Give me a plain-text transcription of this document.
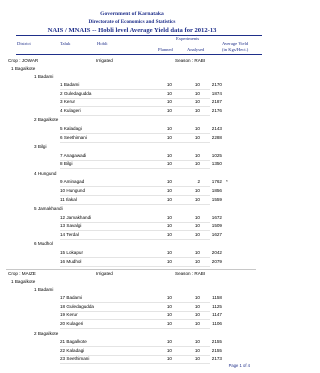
Government of Karnataka
Directorate of Economics and Statistics
NAIS / MNAIS -- Hobli level Average Yield data for 2012-13
District	Taluk	Hobli
Experiments
Planned	Analysed
Average Yield
(in Kgs/Hect.)
Crop : JOWAR	Irrigated	Season : RABI
1 Bagalkote
1 Badami
1 Badami	10	10	2170
2 Guledagudda	10	10	1874
3 Kerur	10	10	2187
4 Kulageri	10	10	2176
2 Bagalkote
5 Kaladagi	10	10	2143
6 Seethimani	10	10	2288
3 Bilgi
7 Anagawadi	10	10	1025
8 Bilgi	10	10	1350
4 Hungund
9 Aminagad	10	2	1762 *
10 Hungund	10	10	1856
11 Ilakal	10	10	1559
5 Jamakhandi
12 Jamakhandi	10	10	1672
13 Savalgi	10	10	1509
14 Terdal	10	10	1627
6 Mudhol
15 Lokapur	10	10	2042
16 Mudhol	10	10	2079
Crop : MAIZE	Irrigated	Season : RABI
1 Bagalkote
1 Badami
17 Badami	10	10	1158
18 Guledagudda	10	10	1125
19 Kerur	10	10	1147
20 Kulageri	10	10	1106
2 Bagalkote
21 Bagalkote	10	10	2155
22 Kaladagi	10	10	2155
23 Seethimani	10	10	2173
Page 1 of 4
